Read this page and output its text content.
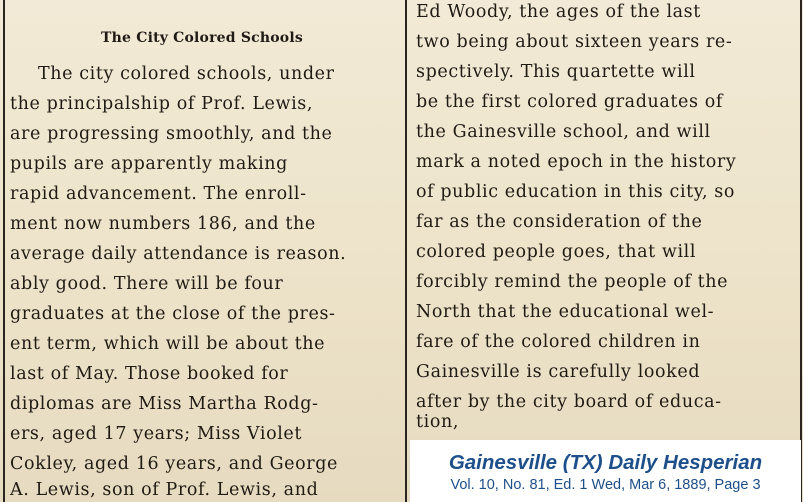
The City Colored Schools
The city colored schools, under
the principalship of Prof. Lewis,
are progressing smoothly, and the
pupils are apparently making
rapid advancement. The enroll-
ment now numbers 186, and the
average daily attendance is reason.
ably good. There will be four
graduates at the close of the pres-
ent term, which will be about the
last of May. Those booked for
diplomas are Miss Martha Rodg-
ers, aged 17 years; Miss Violet
Cokley, aged 16 years, and George
A. Lewis, son of Prof. Lewis, and
Ed Woody, the ages of the last
two being about sixteen years re-
spectively. This quartette will
be the first colored graduates of
the Gainesville school, and will
mark a noted epoch in the history
of public education in this city, so
far as the consideration of the
colored people goes, that will
forcibly remind the people of the
North that the educational wel-
fare of the colored children in
Gainesville is carefully looked
after by the city board of educa-
tion,
Gainesville (TX) Daily Hesperian
Vol. 10, No. 81, Ed. 1 Wed, Mar 6, 1889, Page 3
